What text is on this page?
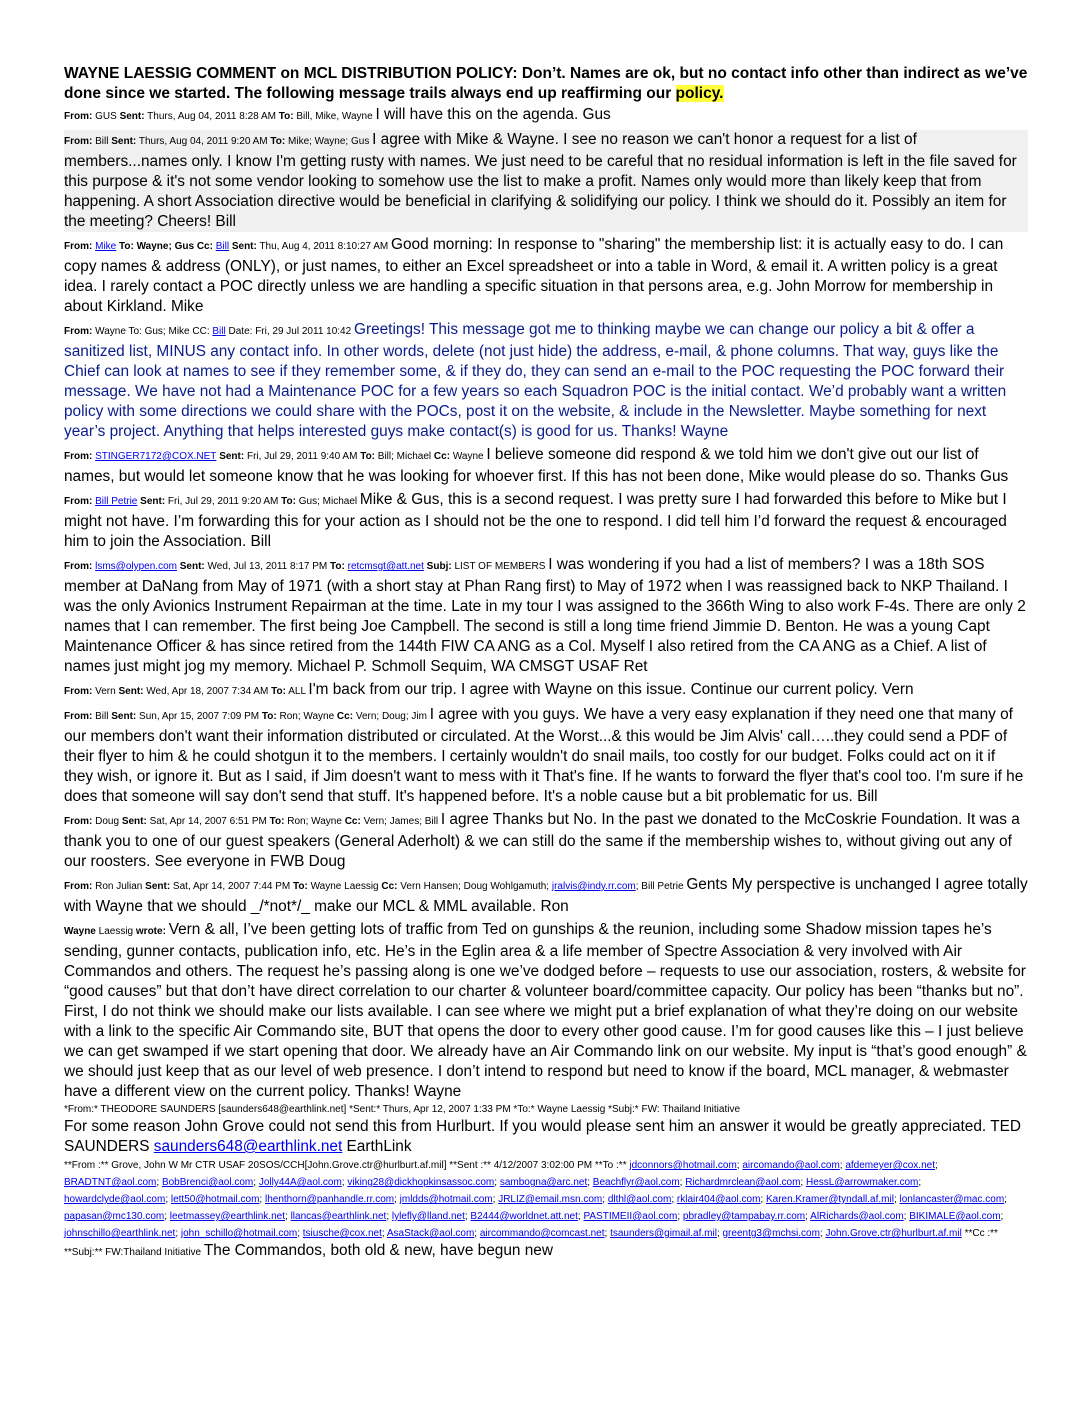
WAYNE LAESSIG COMMENT on MCL DISTRIBUTION POLICY: Don’t. Names are ok, but no contact info other than indirect as we’ve done since we started. The following message trails always end up reaffirming our policy.
From: GUS Sent: Thurs, Aug 04, 2011 8:28 AM To: Bill, Mike, Wayne I will have this on the agenda. Gus
From: Bill Sent: Thurs, Aug 04, 2011 9:20 AM To: Mike; Wayne; Gus I agree with Mike & Wayne. I see no reason we can't honor a request for a list of members...names only. I know I'm getting rusty with names. We just need to be careful that no residual information is left in the file saved for this purpose & it's not some vendor looking to somehow use the list to make a profit. Names only would more than likely keep that from happening. A short Association directive would be beneficial in clarifying & solidifying our policy. I think we should do it. Possibly an item for the meeting? Cheers! Bill
From: Mike To: Wayne; Gus Cc: Bill Sent: Thu, Aug 4, 2011 8:10:27 AM Good morning: In response to "sharing" the membership list: it is actually easy to do. I can copy names & address (ONLY), or just names, to either an Excel spreadsheet or into a table in Word, & email it. A written policy is a great idea. I rarely contact a POC directly unless we are handling a specific situation in that persons area, e.g. John Morrow for membership in about Kirkland. Mike
From: Wayne To: Gus; Mike CC: Bill Date: Fri, 29 Jul 2011 10:42 Greetings! This message got me to thinking maybe we can change our policy a bit & offer a sanitized list, MINUS any contact info. In other words, delete (not just hide) the address, e-mail, & phone columns. That way, guys like the Chief can look at names to see if they remember some, & if they do, they can send an e-mail to the POC requesting the POC forward their message. We have not had a Maintenance POC for a few years so each Squadron POC is the initial contact. We’d probably want a written policy with some directions we could share with the POCs, post it on the website, & include in the Newsletter. Maybe something for next year’s project. Anything that helps interested guys make contact(s) is good for us. Thanks! Wayne
From: STINGER7172@COX.NET Sent: Fri, Jul 29, 2011 9:40 AM To: Bill; Michael Cc: Wayne I believe someone did respond & we told him we don't give out our list of names, but would let someone know that he was looking for whoever first. If this has not been done, Mike would please do so. Thanks Gus
From: Bill Petrie Sent: Fri, Jul 29, 2011 9:20 AM To: Gus; Michael Mike & Gus, this is a second request. I was pretty sure I had forwarded this before to Mike but I might not have. I’m forwarding this for your action as I should not be the one to respond. I did tell him I’d forward the request & encouraged him to join the Association. Bill
From: lsms@olypen.com Sent: Wed, Jul 13, 2011 8:17 PM To: retcmsgt@att.net Subj: LIST OF MEMBERS I was wondering if you had a list of members? I was a 18th SOS member at DaNang from May of 1971 (with a short stay at Phan Rang first) to May of 1972 when I was reassigned back to NKP Thailand. I was the only Avionics Instrument Repairman at the time. Late in my tour I was assigned to the 366th Wing to also work F-4s. There are only 2 names that I can remember. The first being Joe Campbell. The second is still a long time friend Jimmie D. Benton. He was a young Capt Maintenance Officer & has since retired from the 144th FIW CA ANG as a Col. Myself I also retired from the CA ANG as a Chief. A list of names just might jog my memory. Michael P. Schmoll Sequim, WA CMSGT USAF Ret
From: Vern Sent: Wed, Apr 18, 2007 7:34 AM To: ALL I'm back from our trip. I agree with Wayne on this issue. Continue our current policy. Vern
From: Bill Sent: Sun, Apr 15, 2007 7:09 PM To: Ron; Wayne Cc: Vern; Doug; Jim I agree with you guys. We have a very easy explanation if they need one that many of our members don't want their information distributed or circulated. At the Worst...& this would be Jim Alvis' call…..they could send a PDF of their flyer to him & he could shotgun it to the members. I certainly wouldn't do snail mails, too costly for our budget. Folks could act on it if they wish, or ignore it. But as I said, if Jim doesn't want to mess with it That's fine. If he wants to forward the flyer that's cool too. I'm sure if he does that someone will say don't send that stuff. It's happened before. It's a noble cause but a bit problematic for us. Bill
From: Doug Sent: Sat, Apr 14, 2007 6:51 PM To: Ron; Wayne Cc: Vern; James; Bill I agree Thanks but No. In the past we donated to the McCoskrie Foundation. It was a thank you to one of our guest speakers (General Aderholt) & we can still do the same if the membership wishes to, without giving out any of our roosters. See everyone in FWB Doug
From: Ron Julian Sent: Sat, Apr 14, 2007 7:44 PM To: Wayne Laessig Cc: Vern Hansen; Doug Wohlgamuth; jralvis@indy.rr.com; Bill Petrie Gents My perspective is unchanged I agree totally with Wayne that we should _/*not*/_ make our MCL & MML available. Ron
Wayne Laessig wrote: Vern & all, I’ve been getting lots of traffic from Ted on gunships & the reunion, including some Shadow mission tapes he’s sending, gunner contacts, publication info, etc. He’s in the Eglin area & a life member of Spectre Association & very involved with Air Commandos and others. The request he’s passing along is one we’ve dodged before – requests to use our association, rosters, & website for “good causes” but that don’t have direct correlation to our charter & volunteer board/committee capacity. Our policy has been “thanks but no”.
First, I do not think we should make our lists available. I can see where we might put a brief explanation of what they’re doing on our website with a link to the specific Air Commando site, BUT that opens the door to every other good cause. I’m for good causes like this – I just believe we can get swamped if we start opening that door. We already have an Air Commando link on our website. My input is “that’s good enough” & we should just keep that as our level of web presence. I don’t intend to respond but need to know if the board, MCL manager, & webmaster have a different view on the current policy. Thanks! Wayne
*From:* THEODORE SAUNDERS [saunders648@earthlink.net] *Sent:* Thurs, Apr 12, 2007 1:33 PM *To:* Wayne Laessig *Subj:* FW: Thailand Initiative
For some reason John Grove could not send this from Hurlburt. If you would please sent him an answer it would be greatly appreciated. TED SAUNDERS saunders648@earthlink.net EarthLink
**From :** Grove, John W Mr CTR USAF 20SOS/CCH[John.Grove.ctr@hurlburt.af.mil] **Sent :** 4/12/2007 3:02:00 PM **To :** jdconnors@hotmail.com; aircomando@aol.com; afdemeyer@cox.net; BRADTNT@aol.com; BobBrenci@aol.com; Jolly44A@aol.com; viking28@dickhopkinsassoc.com; sambogna@arc.net; Beachflyr@aol.com; Richardmrclean@aol.com; HessL@arrowmaker.com; howardclyde@aol.com; lett50@hotmail.com; lhenthorn@panhandle.rr.com; jmldds@hotmail.com; JRLIZ@email.msn.com; dlthl@aol.com; rklair404@aol.com; Karen.Kramer@tyndall.af.mil; lonlancaster@mac.com; papasan@mc130.com; leetmassey@earthlink.net; llancas@earthlink.net; lylefly@lland.net; B2444@worldnet.att.net; PASTIMEII@aol.com; pbradley@tampabay.rr.com; AlRichards@aol.com; BIKIMALE@aol.com; johnschillo@earthlink.net; john_schillo@hotmail.com; tsiusche@cox.net; AsaStack@aol.com; aircommando@comcast.net; tsaunders@gimail.af.mil; greentg3@mchsi.com; John.Grove.ctr@hurlburt.af.mil **Cc :** **Subj:** FW:Thailand Initiative The Commandos, both old & new, have begun new
